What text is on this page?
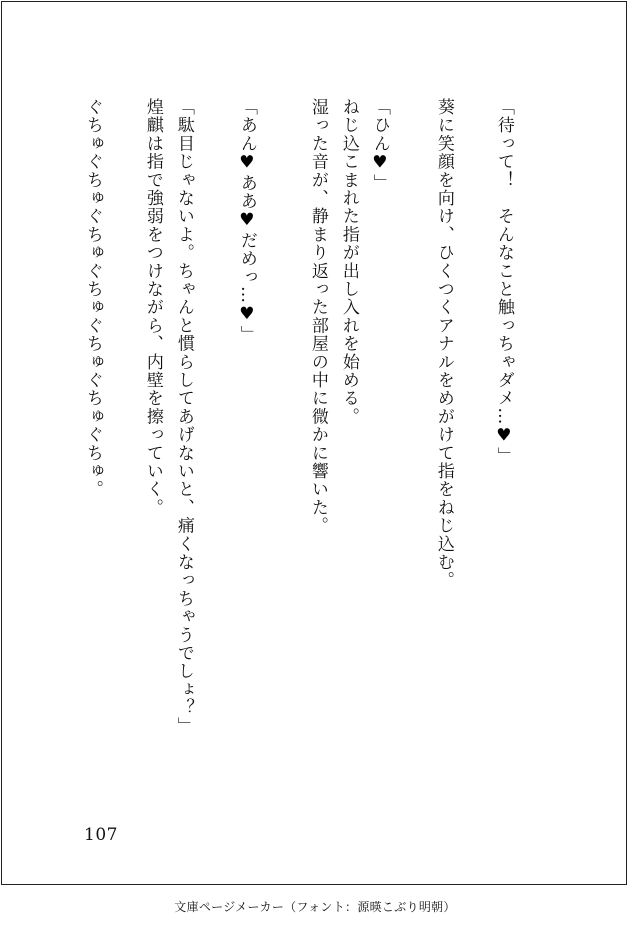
「待って！　そんなこと触っちゃダメ…♥」
葵に笑顔を向け、ひくつくアナルをめがけて指をねじ込む。
「ひん♥」
ねじ込こまれた指が出し入れを始める。
湿った音が、静まり返った部屋の中に微かに響いた。
「あん♥ああ♥だめっ…♥」
「駄目じゃないよ。ちゃんと慣らしてあげないと、痛くなっちゃうでしょ？」
煌麒は指で強弱をつけながら、内壁を擦っていく。
ぐちゅぐちゅぐちゅぐちゅぐちゅぐちゅぐちゅ。
107
文庫ページメーカー（フォント：源暎こぶり明朝）
